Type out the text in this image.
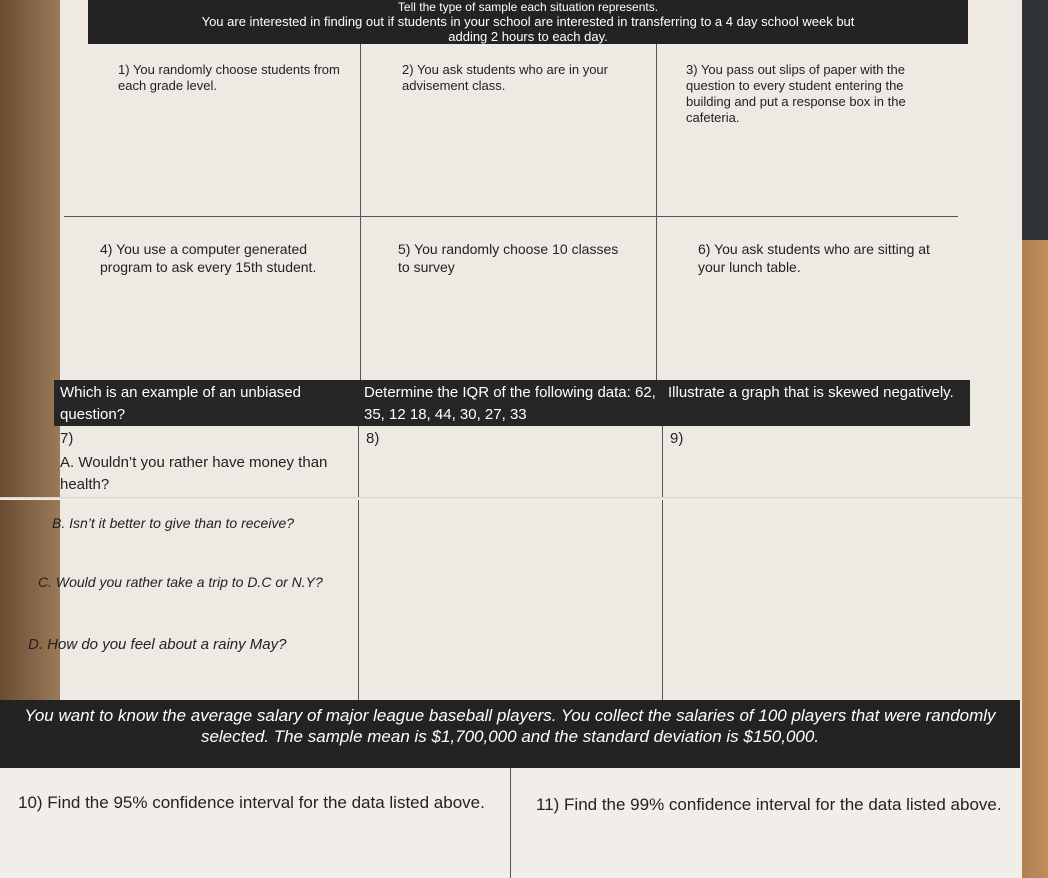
Tell the type of sample each situation represents.
You are interested in finding out if students in your school are interested in transferring to a 4 day school week but
adding 2 hours to each day.
1) You randomly choose students from each grade level.
2) You ask students who are in your advisement class.
3) You pass out slips of paper with the question to every student entering the building and put a response box in the cafeteria.
4) You use a computer generated program to ask every 15th student.
5) You randomly choose 10 classes to survey
6) You ask students who are sitting at your lunch table.
Which is an example of an unbiased question?
Determine the IQR of the following data: 62, 35, 12 18, 44, 30, 27, 33
Illustrate a graph that is skewed negatively.
7)	8)	9)
A. Wouldn’t you rather have money than health?
B. Isn’t it better to give than to receive?
C. Would you rather take a trip to D.C or N.Y?
D. How do you feel about a rainy May?
You want to know the average salary of major league baseball players. You collect the salaries of 100 players that were randomly selected. The sample mean is $1,700,000 and the standard deviation is $150,000.
10) Find the 95% confidence interval for the data listed above.	11) Find the 99% confidence interval for the data listed above.
